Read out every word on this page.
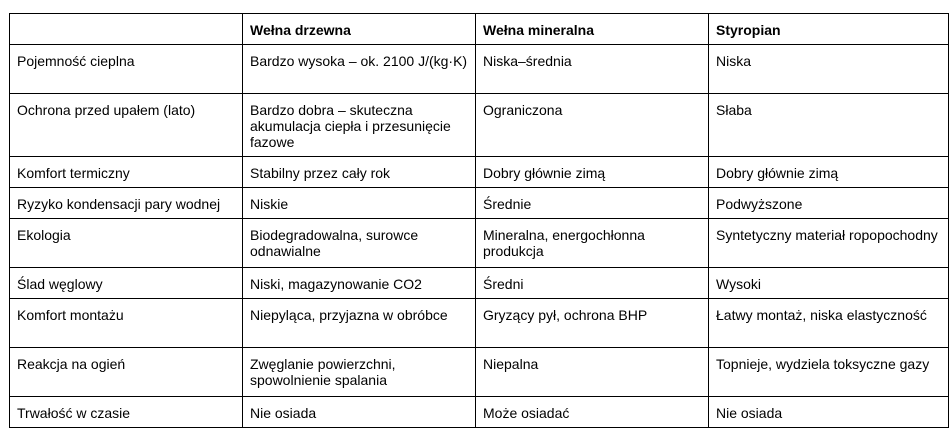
	Wełna drzewna	Wełna mineralna	Styropian
Pojemność cieplna	Bardzo wysoka – ok. 2100 J/(kg·K)	Niska–średnia	Niska
Ochrona przed upałem (lato)	Bardzo dobra – skuteczna akumulacja ciepła i przesunięcie fazowe	Ograniczona	Słaba
Komfort termiczny	Stabilny przez cały rok	Dobry głównie zimą	Dobry głównie zimą
Ryzyko kondensacji pary wodnej	Niskie	Średnie	Podwyższone
Ekologia	Biodegradowalna, surowce odnawialne	Mineralna, energochłonna produkcja	Syntetyczny materiał ropopochodny
Ślad węglowy	Niski, magazynowanie CO2	Średni	Wysoki
Komfort montażu	Niepyląca, przyjazna w obróbce	Gryzący pył, ochrona BHP	Łatwy montaż, niska elastyczność
Reakcja na ogień	Zwęglanie powierzchni, spowolnienie spalania	Niepalna	Topnieje, wydziela toksyczne gazy
Trwałość w czasie	Nie osiada	Może osiadać	Nie osiada
